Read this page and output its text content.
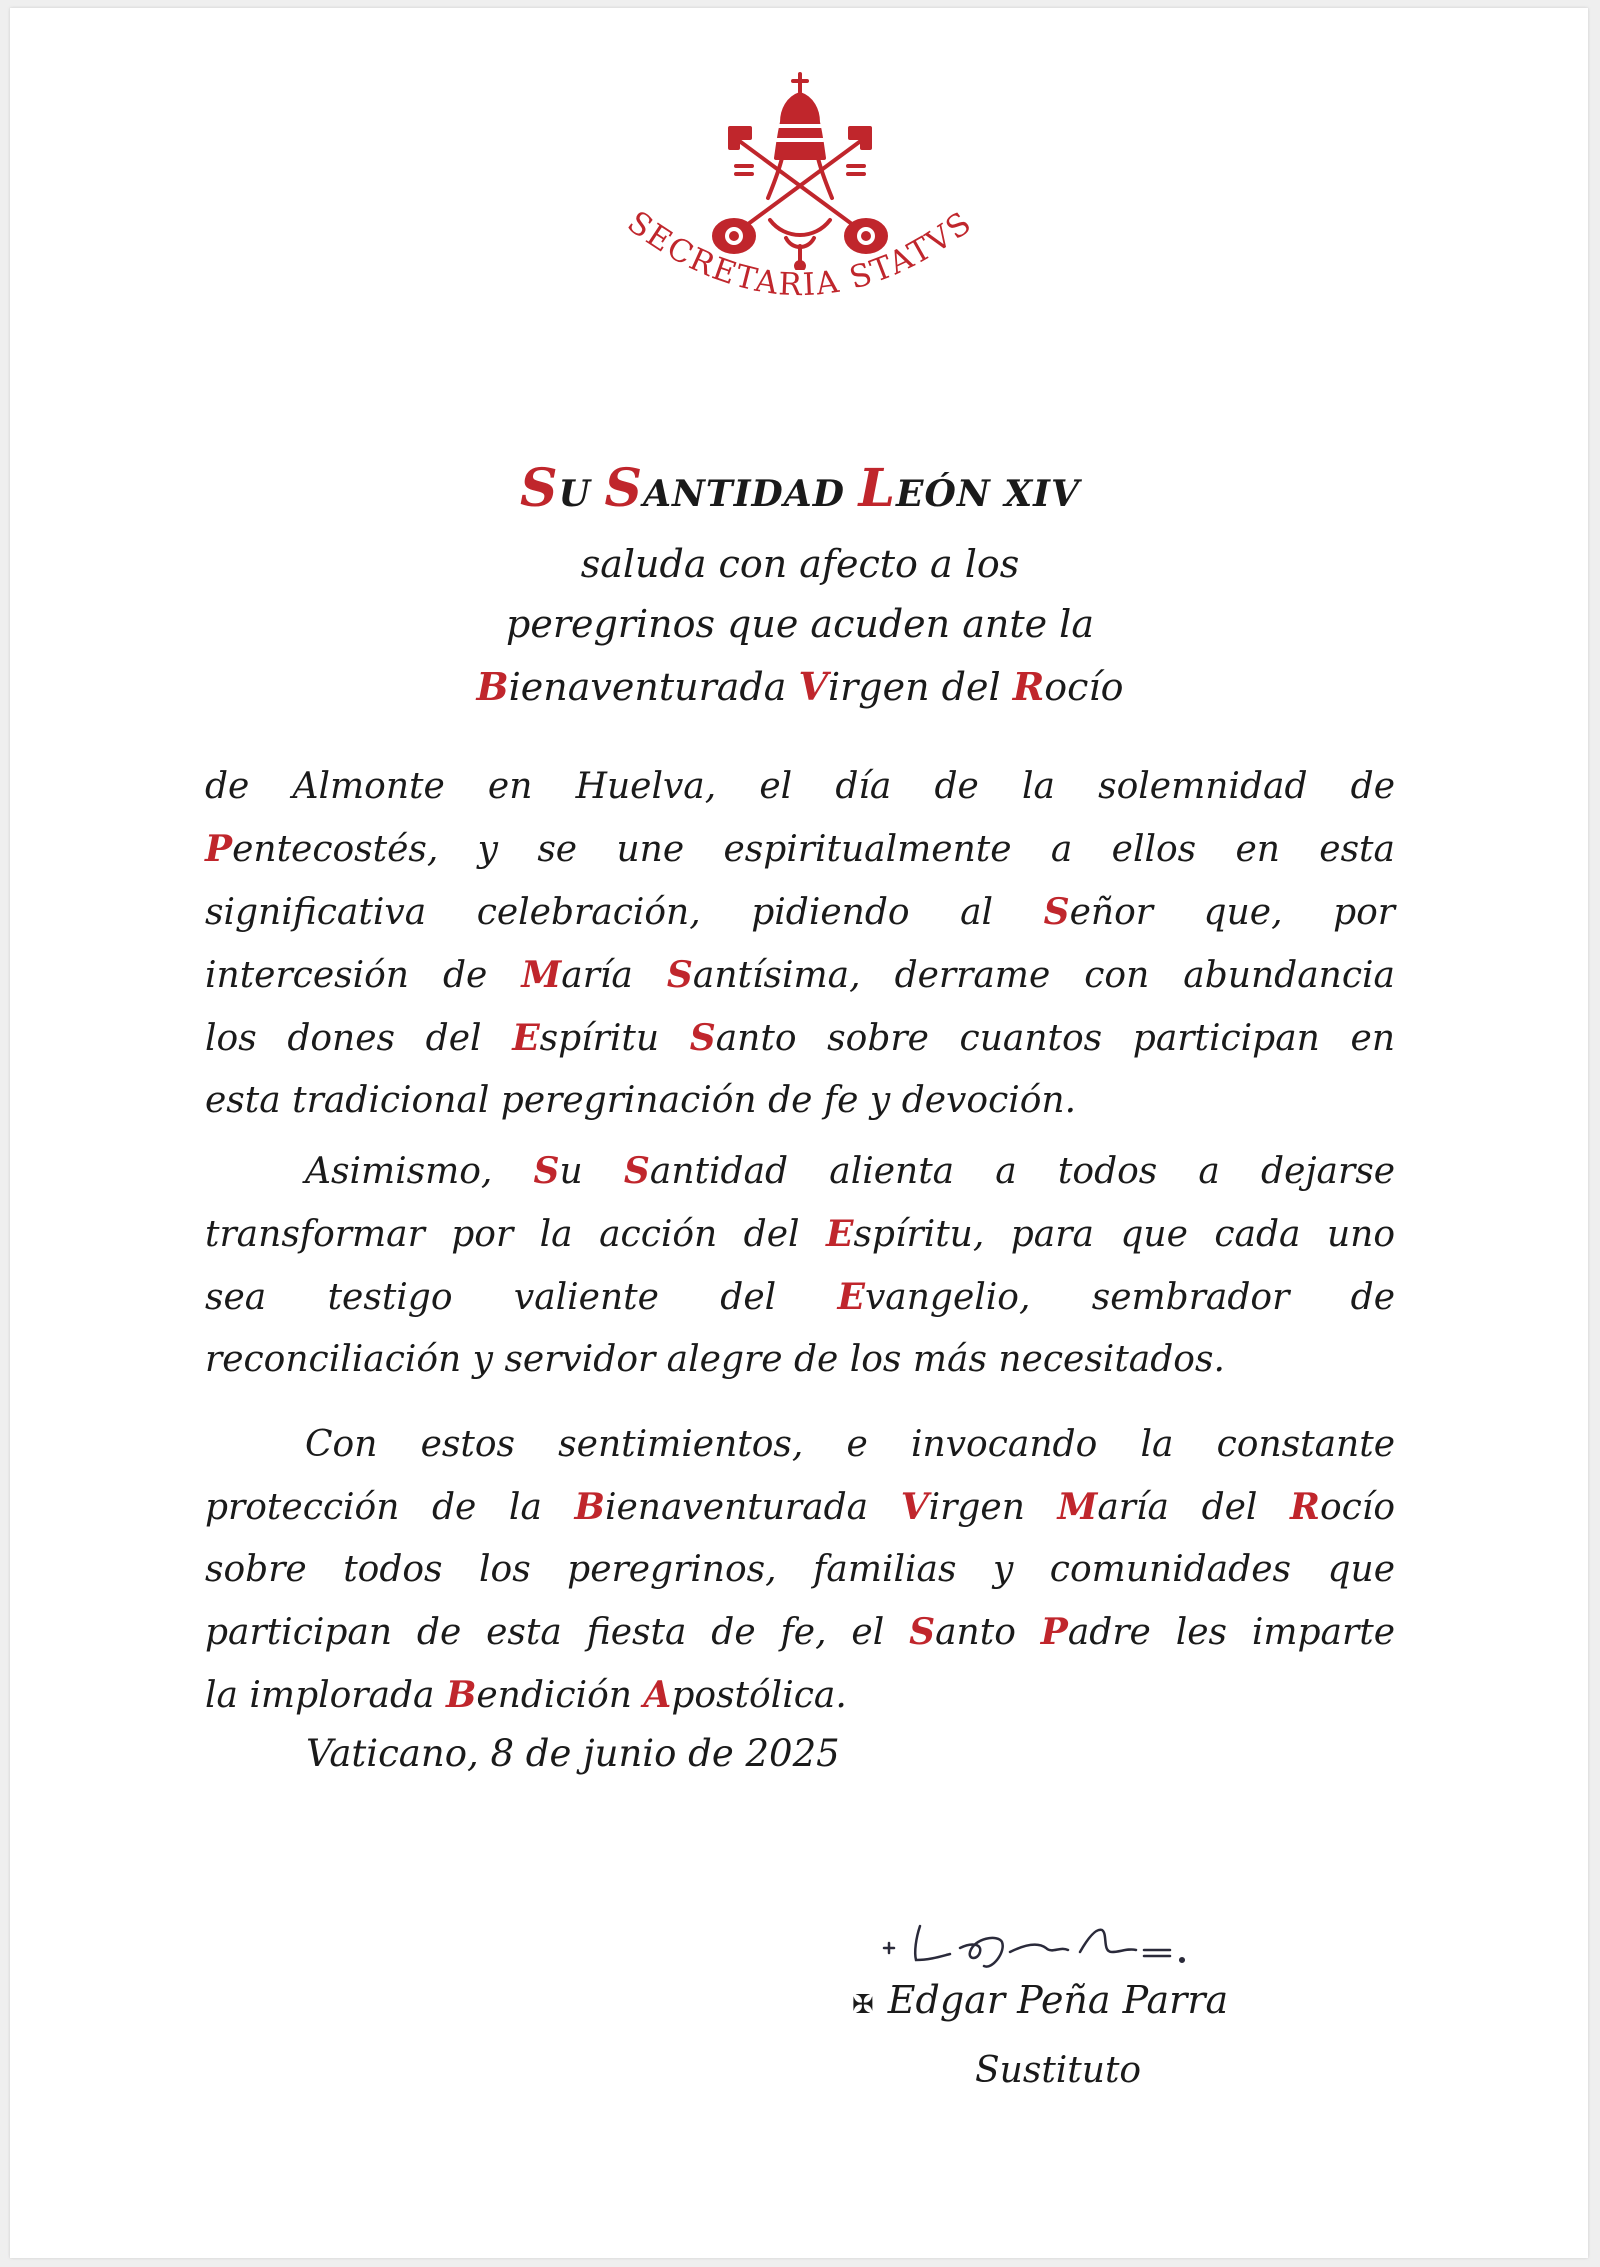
SECRETARIA STATVS
SU SANTIDAD LEÓN XIV
saluda con afecto a los
peregrinos que acuden ante la
Bienaventurada Virgen del Rocío
de Almonte en Huelva, el día de la solemnidad de
Pentecostés, y se une espiritualmente a ellos en esta
significativa celebración, pidiendo al Señor que, por
intercesión de María Santísima, derrame con abundancia
los dones del Espíritu Santo sobre cuantos participan en
esta tradicional peregrinación de fe y devoción.
Asimismo, Su Santidad alienta a todos a dejarse
transformar por la acción del Espíritu, para que cada uno
sea testigo valiente del Evangelio, sembrador de
reconciliación y servidor alegre de los más necesitados.
Con estos sentimientos, e invocando la constante
protección de la Bienaventurada Virgen María del Rocío
sobre todos los peregrinos, familias y comunidades que
participan de esta fiesta de fe, el Santo Padre les imparte
la implorada Bendición Apostólica.
Vaticano, 8 de junio de 2025
✠ Edgar Peña Parra
Sustituto
